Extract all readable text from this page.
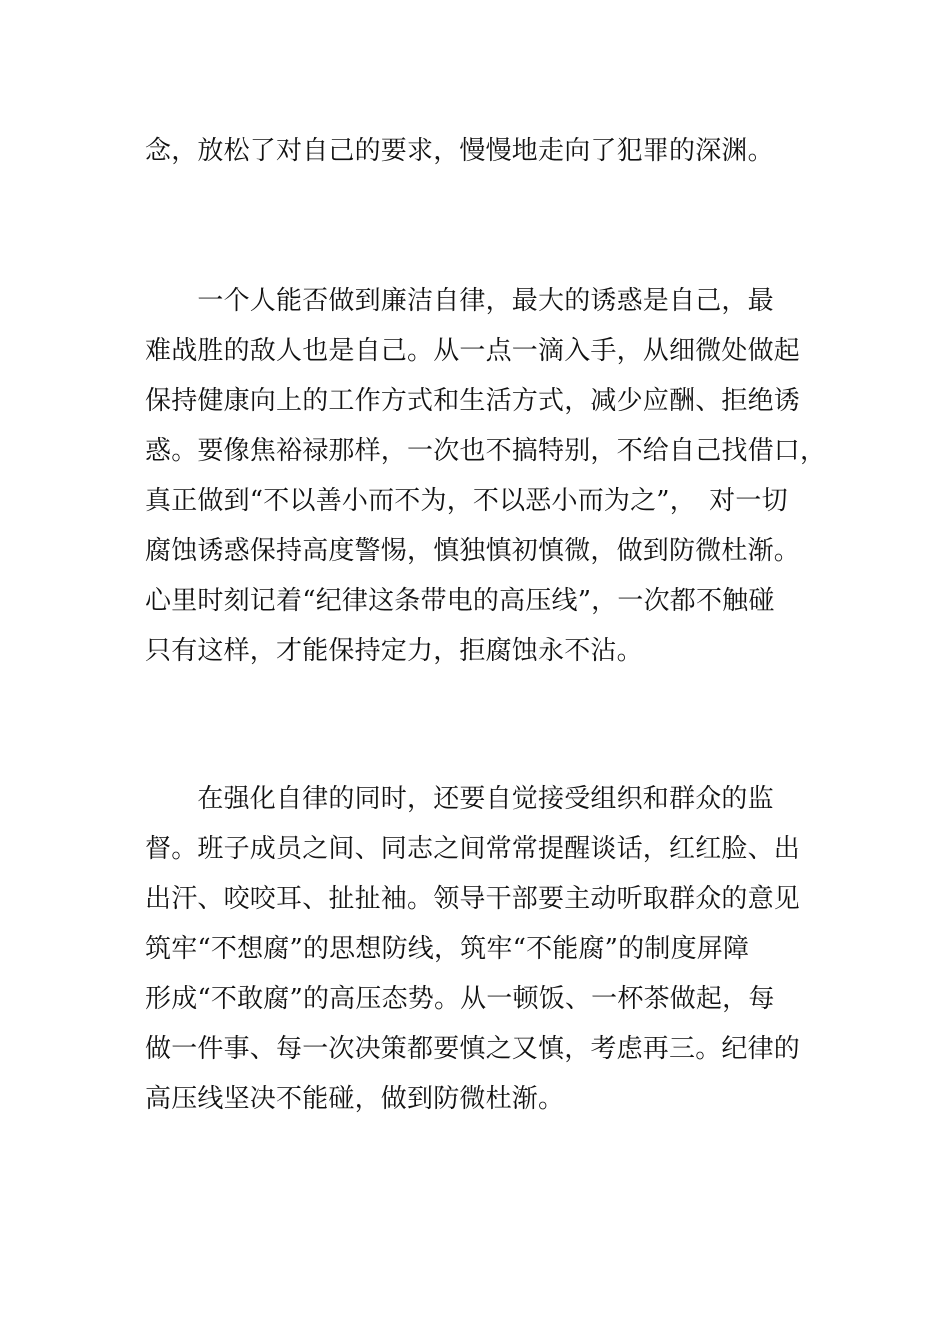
念，放松了对自己的要求，慢慢地走向了犯罪的深渊。
　　一个人能否做到廉洁自律，最大的诱惑是自己，最
难战胜的敌人也是自己。从一点一滴入手，从细微处做起
保持健康向上的工作方式和生活方式，减少应酬、拒绝诱
惑。要像焦裕禄那样，一次也不搞特别，不给自己找借口，
真正做到“不以善小而不为，不以恶小而为之”，　对一切
腐蚀诱惑保持高度警惕，慎独慎初慎微，做到防微杜渐。
心里时刻记着“纪律这条带电的高压线”，一次都不触碰
只有这样，才能保持定力，拒腐蚀永不沾。
　　在强化自律的同时，还要自觉接受组织和群众的监
督。班子成员之间、同志之间常常提醒谈话，红红脸、出
出汗、咬咬耳、扯扯袖。领导干部要主动听取群众的意见
筑牢“不想腐”的思想防线，筑牢“不能腐”的制度屏障
形成“不敢腐”的高压态势。从一顿饭、一杯茶做起，每
做一件事、每一次决策都要慎之又慎，考虑再三。纪律的
高压线坚决不能碰，做到防微杜渐。
